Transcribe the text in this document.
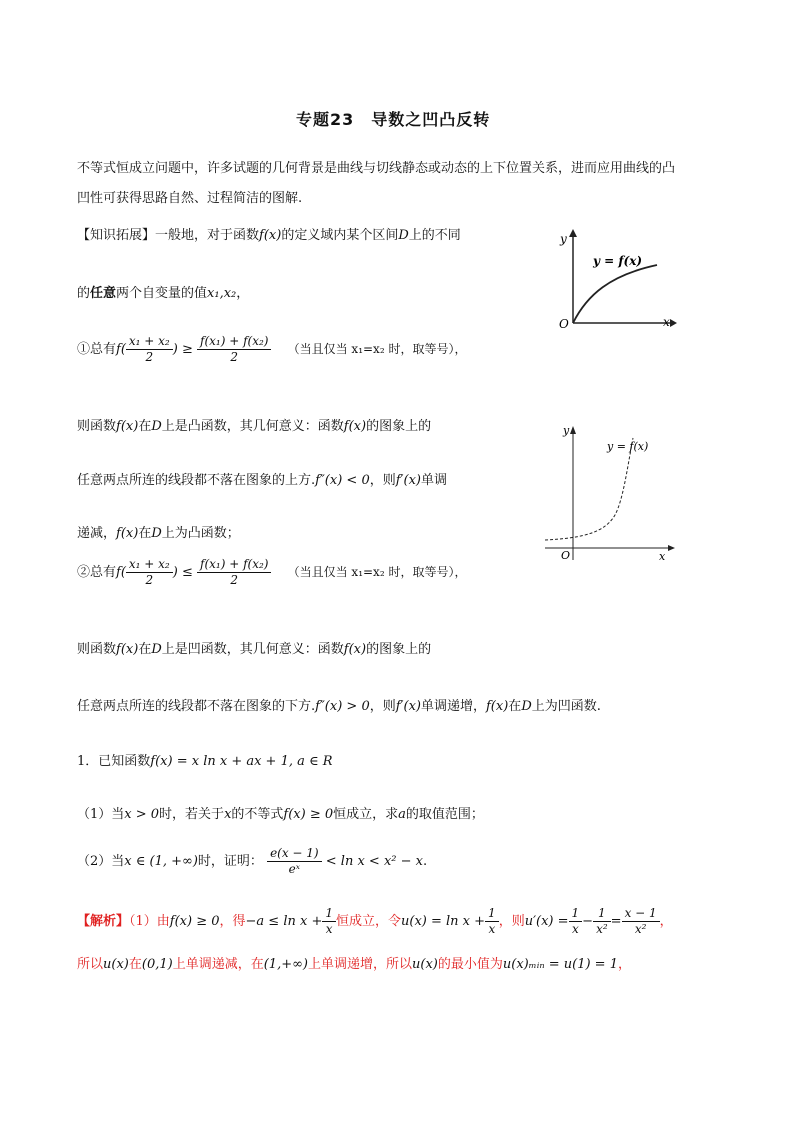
专题23　导数之凹凸反转
不等式恒成立问题中，许多试题的几何背景是曲线与切线静态或动态的上下位置关系，进而应用曲线的凸
凹性可获得思路自然、过程简洁的图解.
【知识拓展】一般地，对于函数f(x)的定义域内某个区间D上的不同
的任意两个自变量的值x₁,x₂，
y
x
O
y = f(x)
①总有$f( \frac{\text{x₁ + x₂}}{2}$ ) ≥ $\frac{\text{f(x₁) + f(x₂)}}{2}$ （当且仅当 x₁=x₂ 时，取等号），
则函数f(x)在D上是凸函数，其几何意义：函数f(x)的图象上的
任意两点所连的线段都不落在图象的上方.f″(x) < 0，则f′(x)单调
递减，f(x)在D上为凸函数；
y
x
O
y = f(x)
②总有$f( \frac{\text{x₁ + x₂}}{2}$ ) ≤ $\frac{\text{f(x₁) + f(x₂)}}{2}$ （当且仅当 x₁=x₂ 时，取等号），
则函数f(x)在D上是凹函数，其几何意义：函数f(x)的图象上的
任意两点所连的线段都不落在图象的下方.f″(x) > 0，则f′(x)单调递增，f(x)在D上为凹函数.
1．已知函数f(x) = x ln x + ax + 1, a ∈ R
（1）当x > 0时，若关于x的不等式f(x) ≥ 0恒成立，求a的取值范围；
（2）当x ∈ (1, +∞)时，证明： $\frac{e(x - 1)}{\text{eˣ}} < \ln x < x^2 - x$.
【解析】（1）由f(x) ≥ 0，得$-a \le \ln x + \frac{1}{x}$ 恒成立，令$u(x) = \ln x + \frac{1}{x}$ ，则$u'(x) = \frac{1}{x} - \frac{1}{\text{x²}} = \frac{x - 1}{\text{x²}}$ ，
所以u(x)在(0,1)上单调递减，在(1,+∞)上单调递增，所以u(x)的最小值为u(x)ₘᵢₙ = u(1) = 1，
